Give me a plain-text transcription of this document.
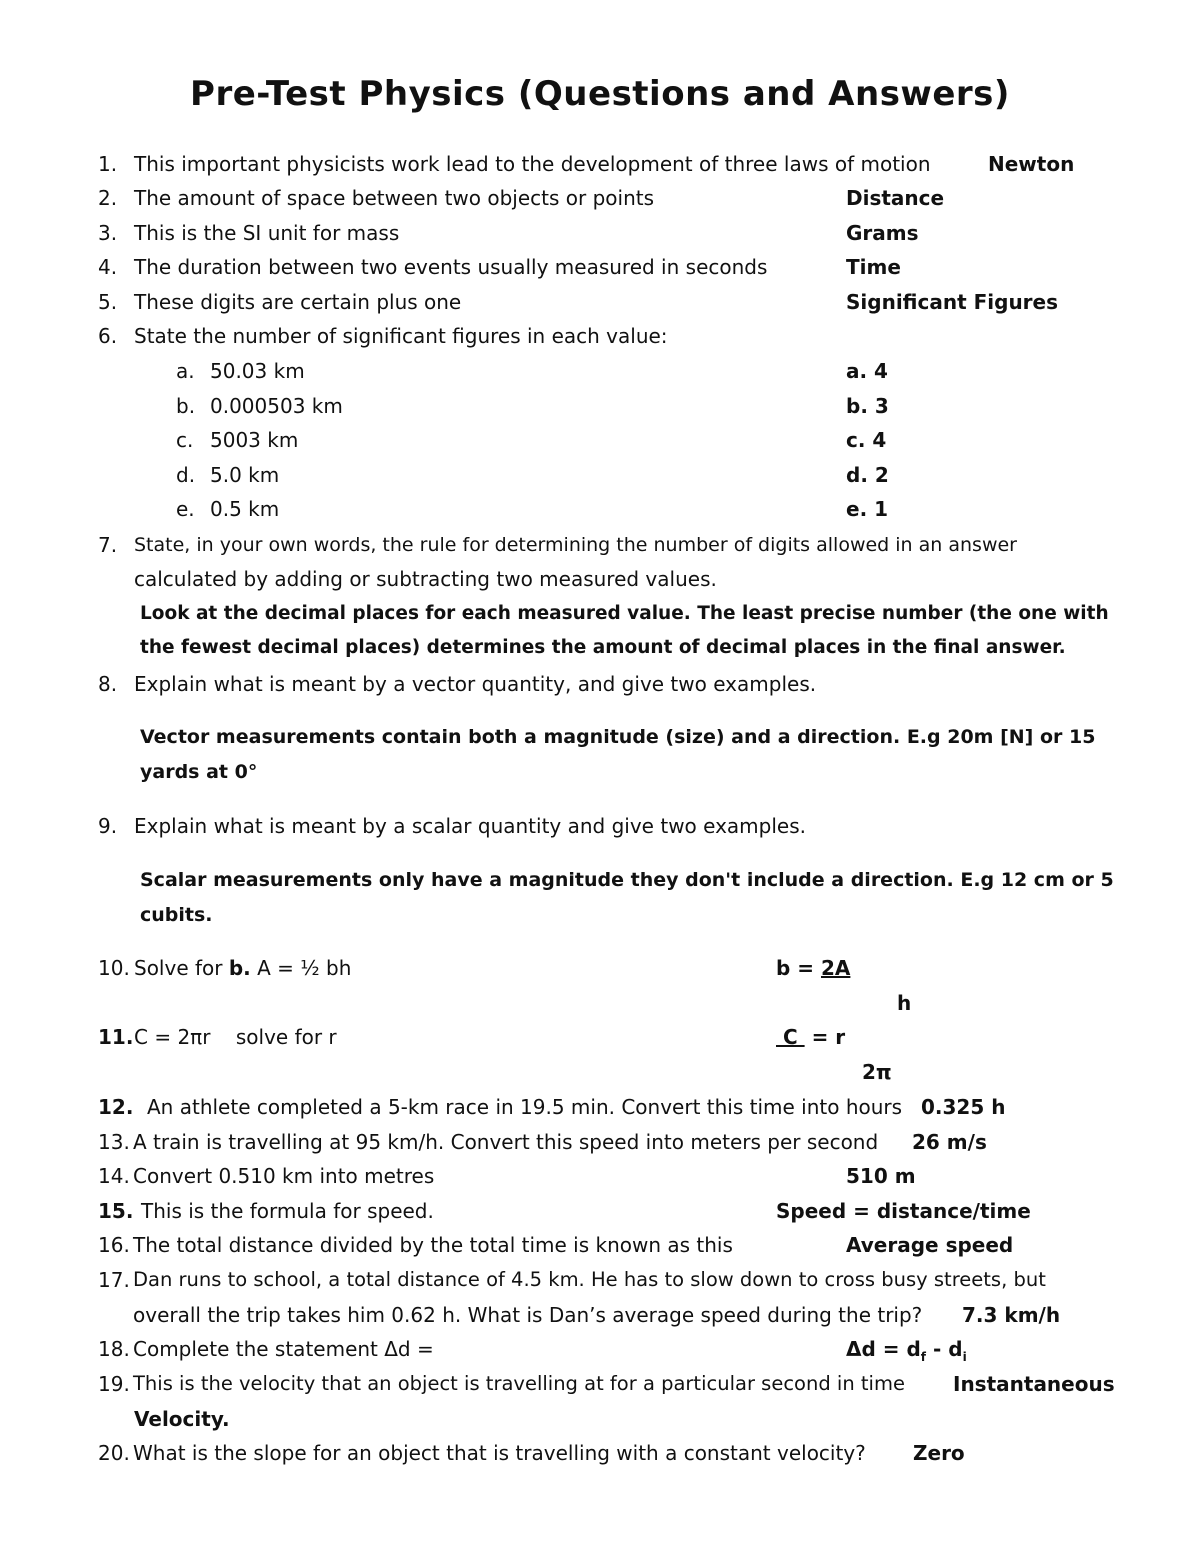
Pre-Test Physics (Questions and Answers)
1. This important physicists work lead to the development of three laws of motion	Newton
2. The amount of space between two objects or points	Distance
3. This is the SI unit for mass	Grams
4. The duration between two events usually measured in seconds	Time
5. These digits are certain plus one	Significant Figures
6. State the number of significant figures in each value:
a. 50.03 km	a. 4
b. 0.000503 km	b. 3
c. 5003 km	c. 4
d. 5.0 km	d. 2
e. 0.5 km	e. 1
7. State, in your own words, the rule for determining the number of digits allowed in an answer
calculated by adding or subtracting two measured values.
Look at the decimal places for each measured value. The least precise number (the one with
the fewest decimal places) determines the amount of decimal places in the final answer.
8. Explain what is meant by a vector quantity, and give two examples.
Vector measurements contain both a magnitude (size) and a direction. E.g 20m [N] or 15
yards at 0°
9. Explain what is meant by a scalar quantity and give two examples.
Scalar measurements only have a magnitude they don't include a direction. E.g 12 cm or 5
cubits.
10. Solve for b. A = ½ bh	b = 2A
h
11. C = 2πr    solve for r	C  = r
2π
12. An athlete completed a 5-km race in 19.5 min. Convert this time into hours 0.325 h
13. A train is travelling at 95 km/h. Convert this speed into meters per second 26 m/s
14. Convert 0.510 km into metres	510 m
15. This is the formula for speed.	Speed = distance/time
16. The total distance divided by the total time is known as this	Average speed
17. Dan runs to school, a total distance of 4.5 km. He has to slow down to cross busy streets, but
overall the trip takes him 0.62 h. What is Dan’s average speed during the trip? 7.3 km/h
18. Complete the statement Δd =	$\Delta d = d_f - d_i$
19. This is the velocity that an object is travelling at for a particular second in time Instantaneous
Velocity.
20. What is the slope for an object that is travelling with a constant velocity? Zero
